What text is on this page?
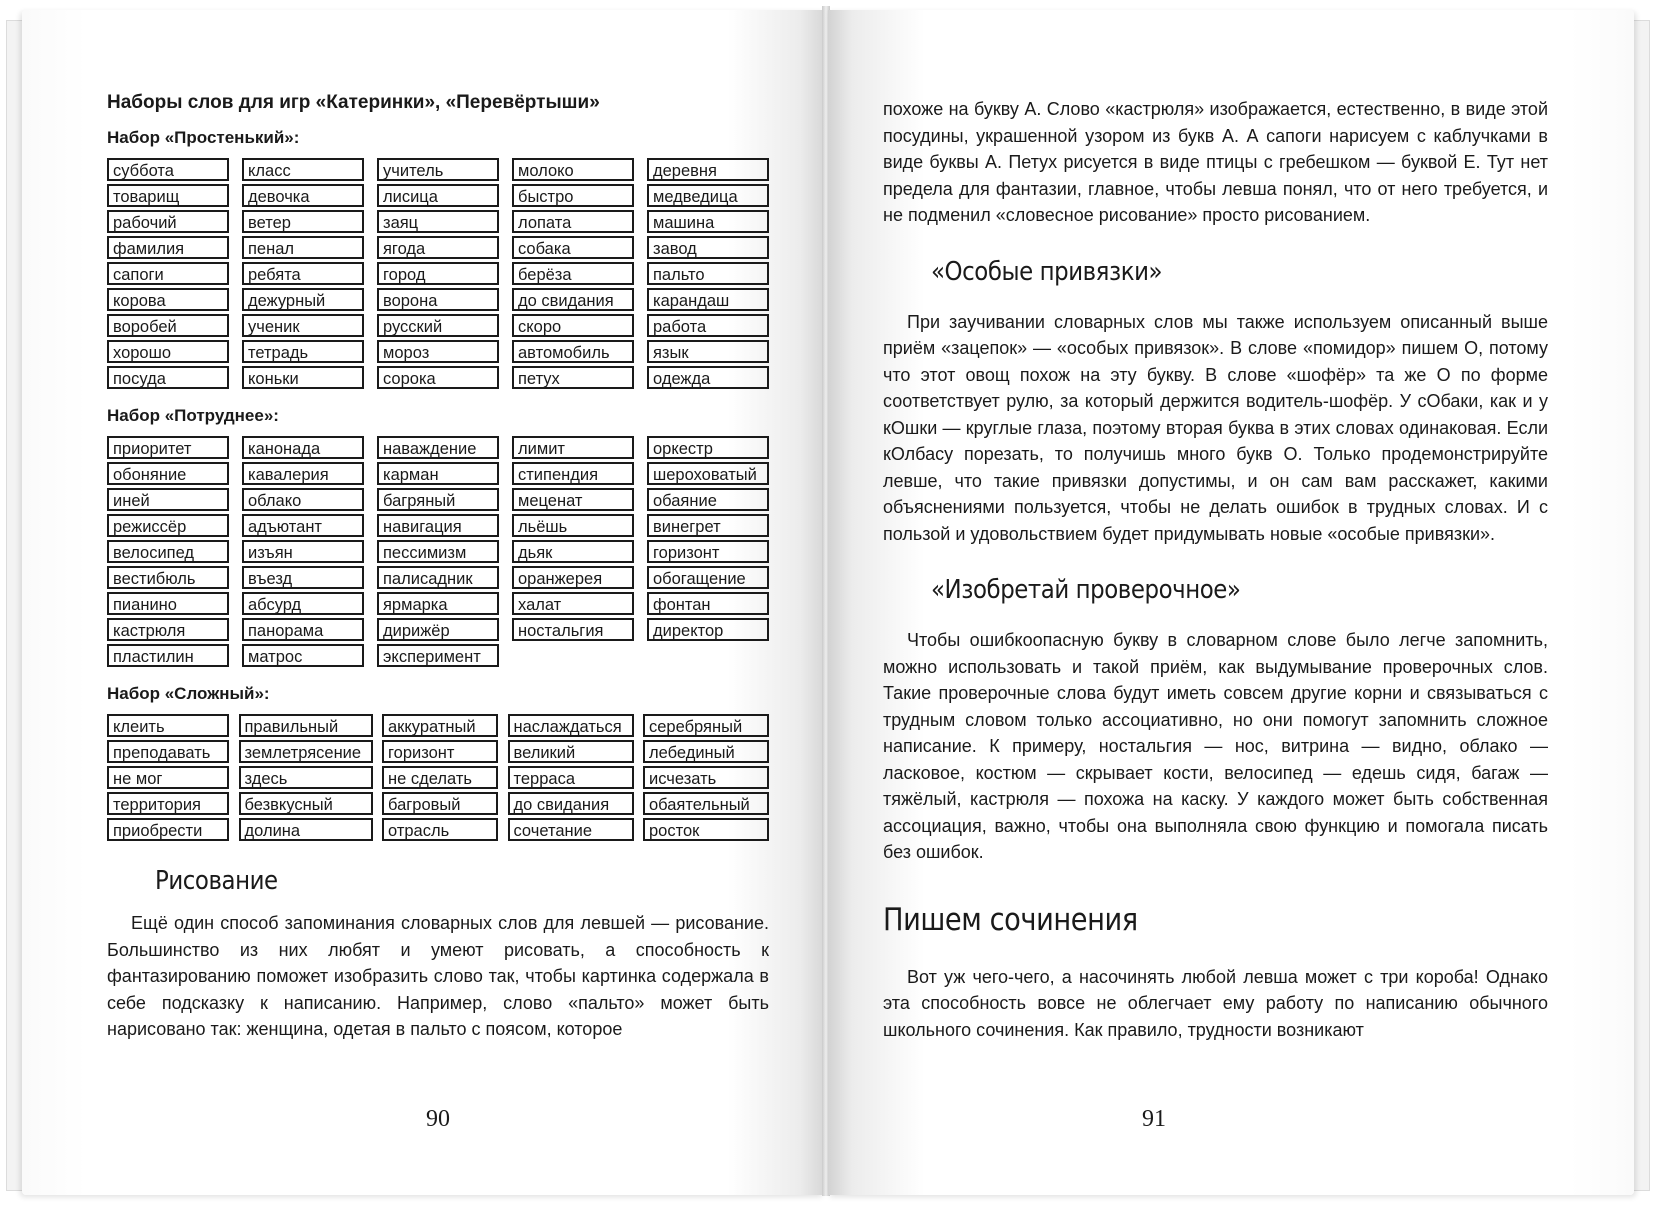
Наборы слов для игр «Катеринки», «Перевёртыши»

Набор «Простенький»:

суббота
товарищ
рабочий
фамилия
сапоги
корова
воробей
хорошо
посуда
класс
девочка
ветер
пенал
ребята
дежурный
ученик
тетрадь
коньки
учитель
лисица
заяц
ягода
город
ворона
русский
мороз
сорока
молоко
быстро
лопата
собака
берёза
до свидания
скоро
автомобиль
петух
деревня
медведица
машина
завод
пальто
карандаш
работа
язык
одежда

Набор «Потруднее»:

приоритет
обоняние
иней
режиссёр
велосипед
вестибюль
пианино
кастрюля
пластилин
канонада
кавалерия
облако
адъютант
изъян
въезд
абсурд
панорама
матрос
наваждение
карман
багряный
навигация
пессимизм
палисадник
ярмарка
дирижёр
эксперимент
лимит
стипендия
меценат
льёшь
дьяк
оранжерея
халат
ностальгия
оркестр
шероховатый
обаяние
винегрет
горизонт
обогащение
фонтан
директор

Набор «Сложный»:

клеить
преподавать
не мог
территория
приобрести
правильный
землетрясение
здесь
безвкусный
долина
аккуратный
горизонт
не сделать
багровый
отрасль
наслаждаться
великий
терраса
до свидания
сочетание
серебряный
лебединый
исчезать
обаятельный
росток
Рисование

Ещё один способ запоминания словарных слов для левшей — рисование. Большинство из них любят и умеют рисовать, а способность к фантазированию поможет изобразить слово так, чтобы картинка содержала в себе подсказку к написанию. Например, слово «пальто» может быть нарисовано так: женщина, одетая в пальто с поясом, которое

90

похоже на букву А. Слово «кастрюля» изображается, естественно, в виде этой посудины, украшенной узором из букв А. А сапоги нарисуем с каблучками в виде буквы А. Петух рисуется в виде птицы с гребешком — буквой Е. Тут нет предела для фантазии, главное, чтобы левша понял, что от него требуется, и не подменил «словесное рисование» просто рисованием.

«Особые привязки»

При заучивании словарных слов мы также используем описанный выше приём «зацепок» — «особых привязок». В слове «помидор» пишем О, потому что этот овощ похож на эту букву. В слове «шофёр» та же О по форме соответствует рулю, за который держится водитель-шофёр. У сОбаки, как и у кОшки — круглые глаза, поэтому вторая буква в этих словах одинаковая. Если кОлбасу порезать, то получишь много букв О. Только продемонстрируйте левше, что такие привязки допустимы, и он сам вам расскажет, какими объяснениями пользуется, чтобы не делать ошибок в трудных словах. И с пользой и удовольствием будет придумывать новые «особые привязки».

«Изобретай проверочное»

Чтобы ошибкоопасную букву в словарном слове было легче запомнить, можно использовать и такой приём, как выдумывание проверочных слов. Такие проверочные слова будут иметь совсем другие корни и связываться с трудным словом только ассоциативно, но они помогут запомнить сложное написание. К примеру, ностальгия — нос, витрина — видно, облако — ласковое, костюм — скрывает кости, велосипед — едешь сидя, багаж — тяжёлый, кастрюля — похожа на каску. У каждого может быть собственная ассоциация, важно, чтобы она выполняла свою функцию и помогала писать без ошибок.

Пишем сочинения

Вот уж чего-чего, а насочинять любой левша может с три короба! Однако эта способность вовсе не облегчает ему работу по написанию обычного школьного сочинения. Как правило, трудности возникают

91
